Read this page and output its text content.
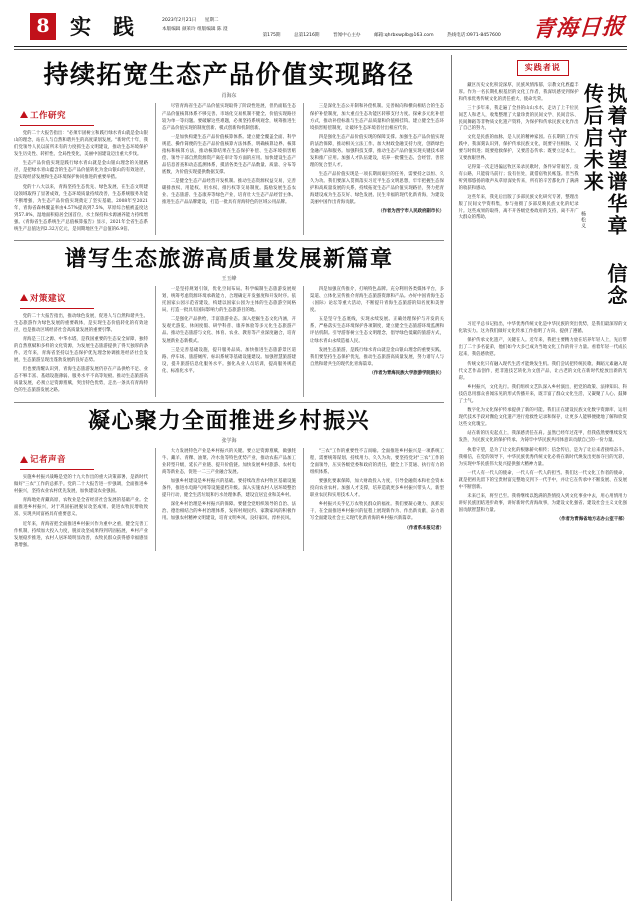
8 实践 2023年2月21日 星期二
本版编辑 颜莱玲 组版编辑 陈 澄
第175期	总第1216期	晋闻中心主办	邮箱:qhrbxwplb@163.com	热线电话:0971-8457600	青海日报
持续拓宽生态产品价值实现路径
肖海东
工作研究

党的二十大报告指出："必须牢固树立和践行绿水青山就是金山银山的理念，站在人与自然和谐共生的高度谋划发展。"新时代十年，我们党领导人民以前所未有的力度抓生态文明建设，推动生态环境保护发生历史性、转折性、全局性变化，美丽中国建设迈出重大步伐。

生态产品价值实现是践行绿水青山就是金山银山理念的关键路径，是把绿水青山蕴含的生态产品价值转化为金山银山的有效途径，是实现经济发展和生态环境保护协同推进的重要举措。

党的十八大以来，青海坚持生态优先、绿色发展，在生态文明建设领域取得了显著成效，生态环境质量持续改善，生态系统服务功能不断增强，为生态产品价值实现奠定了坚实基础。2008年至2021年，青海省森林覆盖率由4.57%提高到7.5%，草原综合植被盖度达到57.8%，湿地面积稳居全国首位，水土保持和水源涵养能力持续增强。《青海省生态系统生产总值核算报告》显示，2021年全省生态系统生产总值达到2.32万亿元，是同期地区生产总值的6.9倍。

尽管青海省生态产品价值实现取得了阶段性进展，但仍面临生态产品价值核算体系不够完善、市场化交易机制不健全、价值实现路径较为单一等问题。要破解这些难题，必须坚持系统观念，统筹推进生态产品价值实现的制度创新、模式创新和机制创新。

一是加快构建生态产品价值核算体系。建立健全覆盖全面、科学规范、操作简便的生态产品价值核算方法体系，明确核算边界、核算指标和核算方法，推动核算结果在生态保护补偿、生态环境损害赔偿、领导干部自然资源资产离任审计等方面的应用。加快建设生态产品信息普查和动态监测体系，摸清各类生态产品数量、质量、分布等底数，为价值实现提供数据支撑。

二是健全生态产品经营开发机制。推动生态资源权益交易，完善碳排放权、用能权、用水权、排污权等交易制度。鼓励发展生态农业、生态旅游、生态康养等绿色产业，培育壮大生态产品经营主体。推进生态产品品牌建设，打造一批具有青海特色的区域公用品牌。

三是深化生态公开制和补偿机制。完善纵向和横向相结合的生态保护补偿制度，加大重点生态功能区转移支付力度。探索多元化补偿方式，推动补偿标准与生态产品质量和价值相挂钩。建立健全生态环境损害赔偿制度，让破坏生态环境者付出相应代价。

四是强化生态产品价值实现的保障支撑。加强生态产品价值实现的法治保障，推动相关立法工作。加大财政金融支持力度，创新绿色金融产品和服务。加强科技支撑，推动生态产品价值实现关键技术研发和推广应用。加强人才队伍建设，培养一批懂生态、会经营、善管理的复合型人才。

生态产品价值实现是一项长期而艰巨的任务，需要持之以恒、久久为功。我们要深入贯彻落实习近平生态文明思想，牢牢把握生态保护和高质量发展的关系，持续拓宽生态产品价值实现路径，努力把青海建设成为生态友好、绿色发展、民生幸福的现代化新青海，为建设美丽中国作出青海贡献。

（作者为西宁市人民政府副市长）
谱写生态旅游高质量发展新篇章
王玉峰
对策建议

党的二十大报告指出，推动绿色发展，促进人与自然和谐共生。生态旅游作为绿色发展的重要载体，是实现生态价值转化的有效途径，也是推动区域经济社会高质量发展的重要引擎。

青海是三江之源、中华水塔，是我国重要的生态安全屏障，独特的自然禀赋和多样的文化资源，为发展生态旅游提供了得天独厚的条件。近年来，青海省坚持以生态保护优先理念协调推进经济社会发展，生态旅游呈现出蓬勃发展的良好态势。

但也要清醒认识到，青海生态旅游发展仍存在产品供给不足、业态不够丰富、基础设施薄弱、服务水平不高等短板。推动生态旅游高质量发展，必须立足资源禀赋，突出特色优势，走出一条具有青海特色的生态旅游发展之路。

一是坚持规划引领，优化空间布局。科学编制生态旅游发展规划，统筹考虑资源环境承载能力，合理确定开发强度和开发时序。依托国家公园示范省建设，构建以国家公园为主体的生态旅游空间格局，打造一批具有国际影响力的生态旅游目的地。

二是强化产品供给，丰富旅游业态。深入挖掘生态文化内涵，开发观光游览、休闲度假、研学科普、康养体验等多元化生态旅游产品。推动生态旅游与文化、体育、农业、教育等产业深度融合，培育发展新业态新模式。

三是完善基础设施，提升服务品质。加快推进生态旅游景区道路、停车场、旅游厕所、标识系统等基础设施建设。加强智慧旅游建设，提升旅游信息化服务水平。强化从业人员培训，提高服务规范化、标准化水平。

四是加强宣传推介，打响特色品牌。充分利用各类媒体平台，多渠道、立体化宣传推介青海生态旅游资源和产品。办好中国青海生态（国际）论坛等重大活动，不断提升青海生态旅游的知名度和美誉度。

五是坚守生态底线，实现永续发展。正确处理保护与开发的关系，严格落实生态环境保护各项制度，建立健全生态旅游环境监测和评估机制。引导游客树立生态文明理念，倡导绿色低碳的旅游方式，让绿水青山永续造福人民。

发展生态旅游，是践行绿水青山就是金山银山理念的重要实践。我们要坚持生态保护优先，推动生态旅游高质量发展，努力谱写人与自然和谐共生的现代化青海篇章。

（作者为青海民族大学旅游学院院长）
凝心聚力全面推进乡村振兴
张学海
记者声音

实施乡村振兴战略是党的十九大作出的重大决策部署，是新时代做好"三农"工作的总抓手。党的二十大报告进一步强调，全面推进乡村振兴，坚持农业农村优先发展，加快建设农业强国。

青海地处青藏高原，农牧业是全省经济社会发展的基础产业。全面推进乡村振兴，对于巩固拓展脱贫攻坚成果、促进农牧民增收致富、实现共同富裕具有重要意义。

近年来，青海省把全面推进乡村振兴作为重中之重，健全完善工作机制，持续加大投入力度，脱贫攻坚成果得到巩固拓展，乡村产业发展稳步推进，农村人居环境明显改善，农牧民群众获得感幸福感显著增强。

大力发展特色产业是乡村振兴的关键。要立足资源禀赋，做强牦牛、藏羊、青稞、油菜、冷水鱼等特色优势产业，推动农畜产品加工业转型升级，延长产业链、提升价值链。加快发展乡村旅游、农村电商等新业态，促进一二三产业融合发展。

加强乡村建设是乡村振兴的基础。要持续改善农村牧区基础设施条件，推进水电路气网等设施提档升级。深入实施农村人居环境整治提升行动，健全生活垃圾和污水处理体系，建设宜居宜业和美乡村。

深化乡村治理是乡村振兴的保障。要健全党组织领导的自治、法治、德治相结合的乡村治理体系，发挥村规民约、家教家风的积极作用。加强农村精神文明建设，培育文明乡风、良好家风、淳朴民风。

"三农"工作的重要性不言而喻。全面推进乡村振兴是一项系统工程，需要统筹谋划、持续用力、久久为功。要坚持党对"三农"工作的全面领导，压实各级党委和政府的责任，健全上下贯通、执行有力的组织体系。

要强化要素保障，加大财政投入力度，引导金融资本和社会资本投向农业农村。加强人才支撑，培养造就更多乡村振兴带头人、新型职业农民和实用技术人才。

乡村振兴关乎亿万农牧民群众的福祉。我们要凝心聚力、真抓实干，在全面推进乡村振兴的征程上展现新作为、作出新贡献，奋力谱写全面建设社会主义现代化新青海的乡村振兴新篇章。

（作者系本报记者）
实践者说
执着守望谱华章 信念传后启未来
杨松义

藏区历史文化积淀深厚，民族风情浓郁，宗教文化底蕴丰厚。作为一名长期扎根基层的文化工作者，我深切感受到保护和传承优秀传统文化的责任重大、使命光荣。

三十多年来，我走遍了全县的山山水水，走访了上千位民间艺人和老人，收集整理了大量珍贵的民间文学、民间音乐、民间舞蹈等非物质文化遗产资料，为保护和传承民族文化作出了自己的努力。

文化是民族的血脉，是人民的精神家园。在长期的工作实践中，我深刻认识到，保护传承民族文化，既要守住根脉，又要与时俱进；既要抢救保护，又要活态传承；既要立足本土，又要放眼世界。

记得第一次走进偏远牧区采录民歌时，条件异常艰苦。没有公路，只能骑马前行；没有住处，就借宿牧民帐篷。但当我听到那悠扬的歌声从草原深处传来，所有的辛苦都化作了满满的收获和感动。

这些年来，我先后出版了多部民族文化研究专著，整理出版了民间文学资料集，参与拍摄了多部反映民族文化的纪录片。这些成果的取得，离不开各级党委政府的支持，离不开广大群众的帮助。

习近平总书记指出，中华优秀传统文化是中华民族的突出优势，是我们最深厚的文化软实力。这为我们做好文化传承工作指明了方向、提供了遵循。

保护传承文化遗产，关键在人。近年来，我把主要精力放在培养年轻人上，先后带出了二十多名徒弟，他们如今大多已成为当地文化工作的骨干力量。看着年轻一代成长起来，我倍感欣慰。

传统文化只有融入现代生活才能焕发生机。我们尝试把传统民歌、舞蹈元素融入现代文艺作品创作，把非遗技艺转化为文创产品，让古老的文化在新时代绽放出新的光彩。

乡村振兴，文化先行。我们组织文艺队深入乡村演出，把党的政策、法律知识、科技信息用群众喜闻乐见的形式传播开来，既丰富了群众文化生活，又凝聚了人心、鼓舞了士气。

数字化为文化保护传承提供了新的可能。我们正在建设民族文化数字资源库，运用现代技术手段对濒危文化遗产进行抢救性记录和保存，让更多人能够便捷地了解和欣赏这些文化瑰宝。

站在新的历史起点上，我深感责任在肩。虽然已经年过花甲，但我依然要继续发光发热，为民族文化的保护传承、为铸牢中华民族共同体意识贡献自己的一份力量。

执着守望，是为了让文化的根脉薪火相传；信念传后，是为了让后来者接续奋斗。我相信，在党的领导下，中华民族优秀传统文化必将在新时代焕发出更加夺目的光彩，为实现中华民族伟大复兴提供强大精神力量。

一代人有一代人的使命，一代人有一代人的担当。我们这一代文化工作者的使命，就是把祖先留下的宝贵财富完整地交到下一代手中，并让它在传承中不断发展、在发展中不断创新。

未来已来，将至已至。我将继续以饱满的热情投入到文化事业中去，用心用情用力讲好民族团结进步故事，讲好新时代青海故事，为建设文化强省、建设社会主义文化强国贡献智慧和力量。

（作者为青海省地方志办公室干部）
